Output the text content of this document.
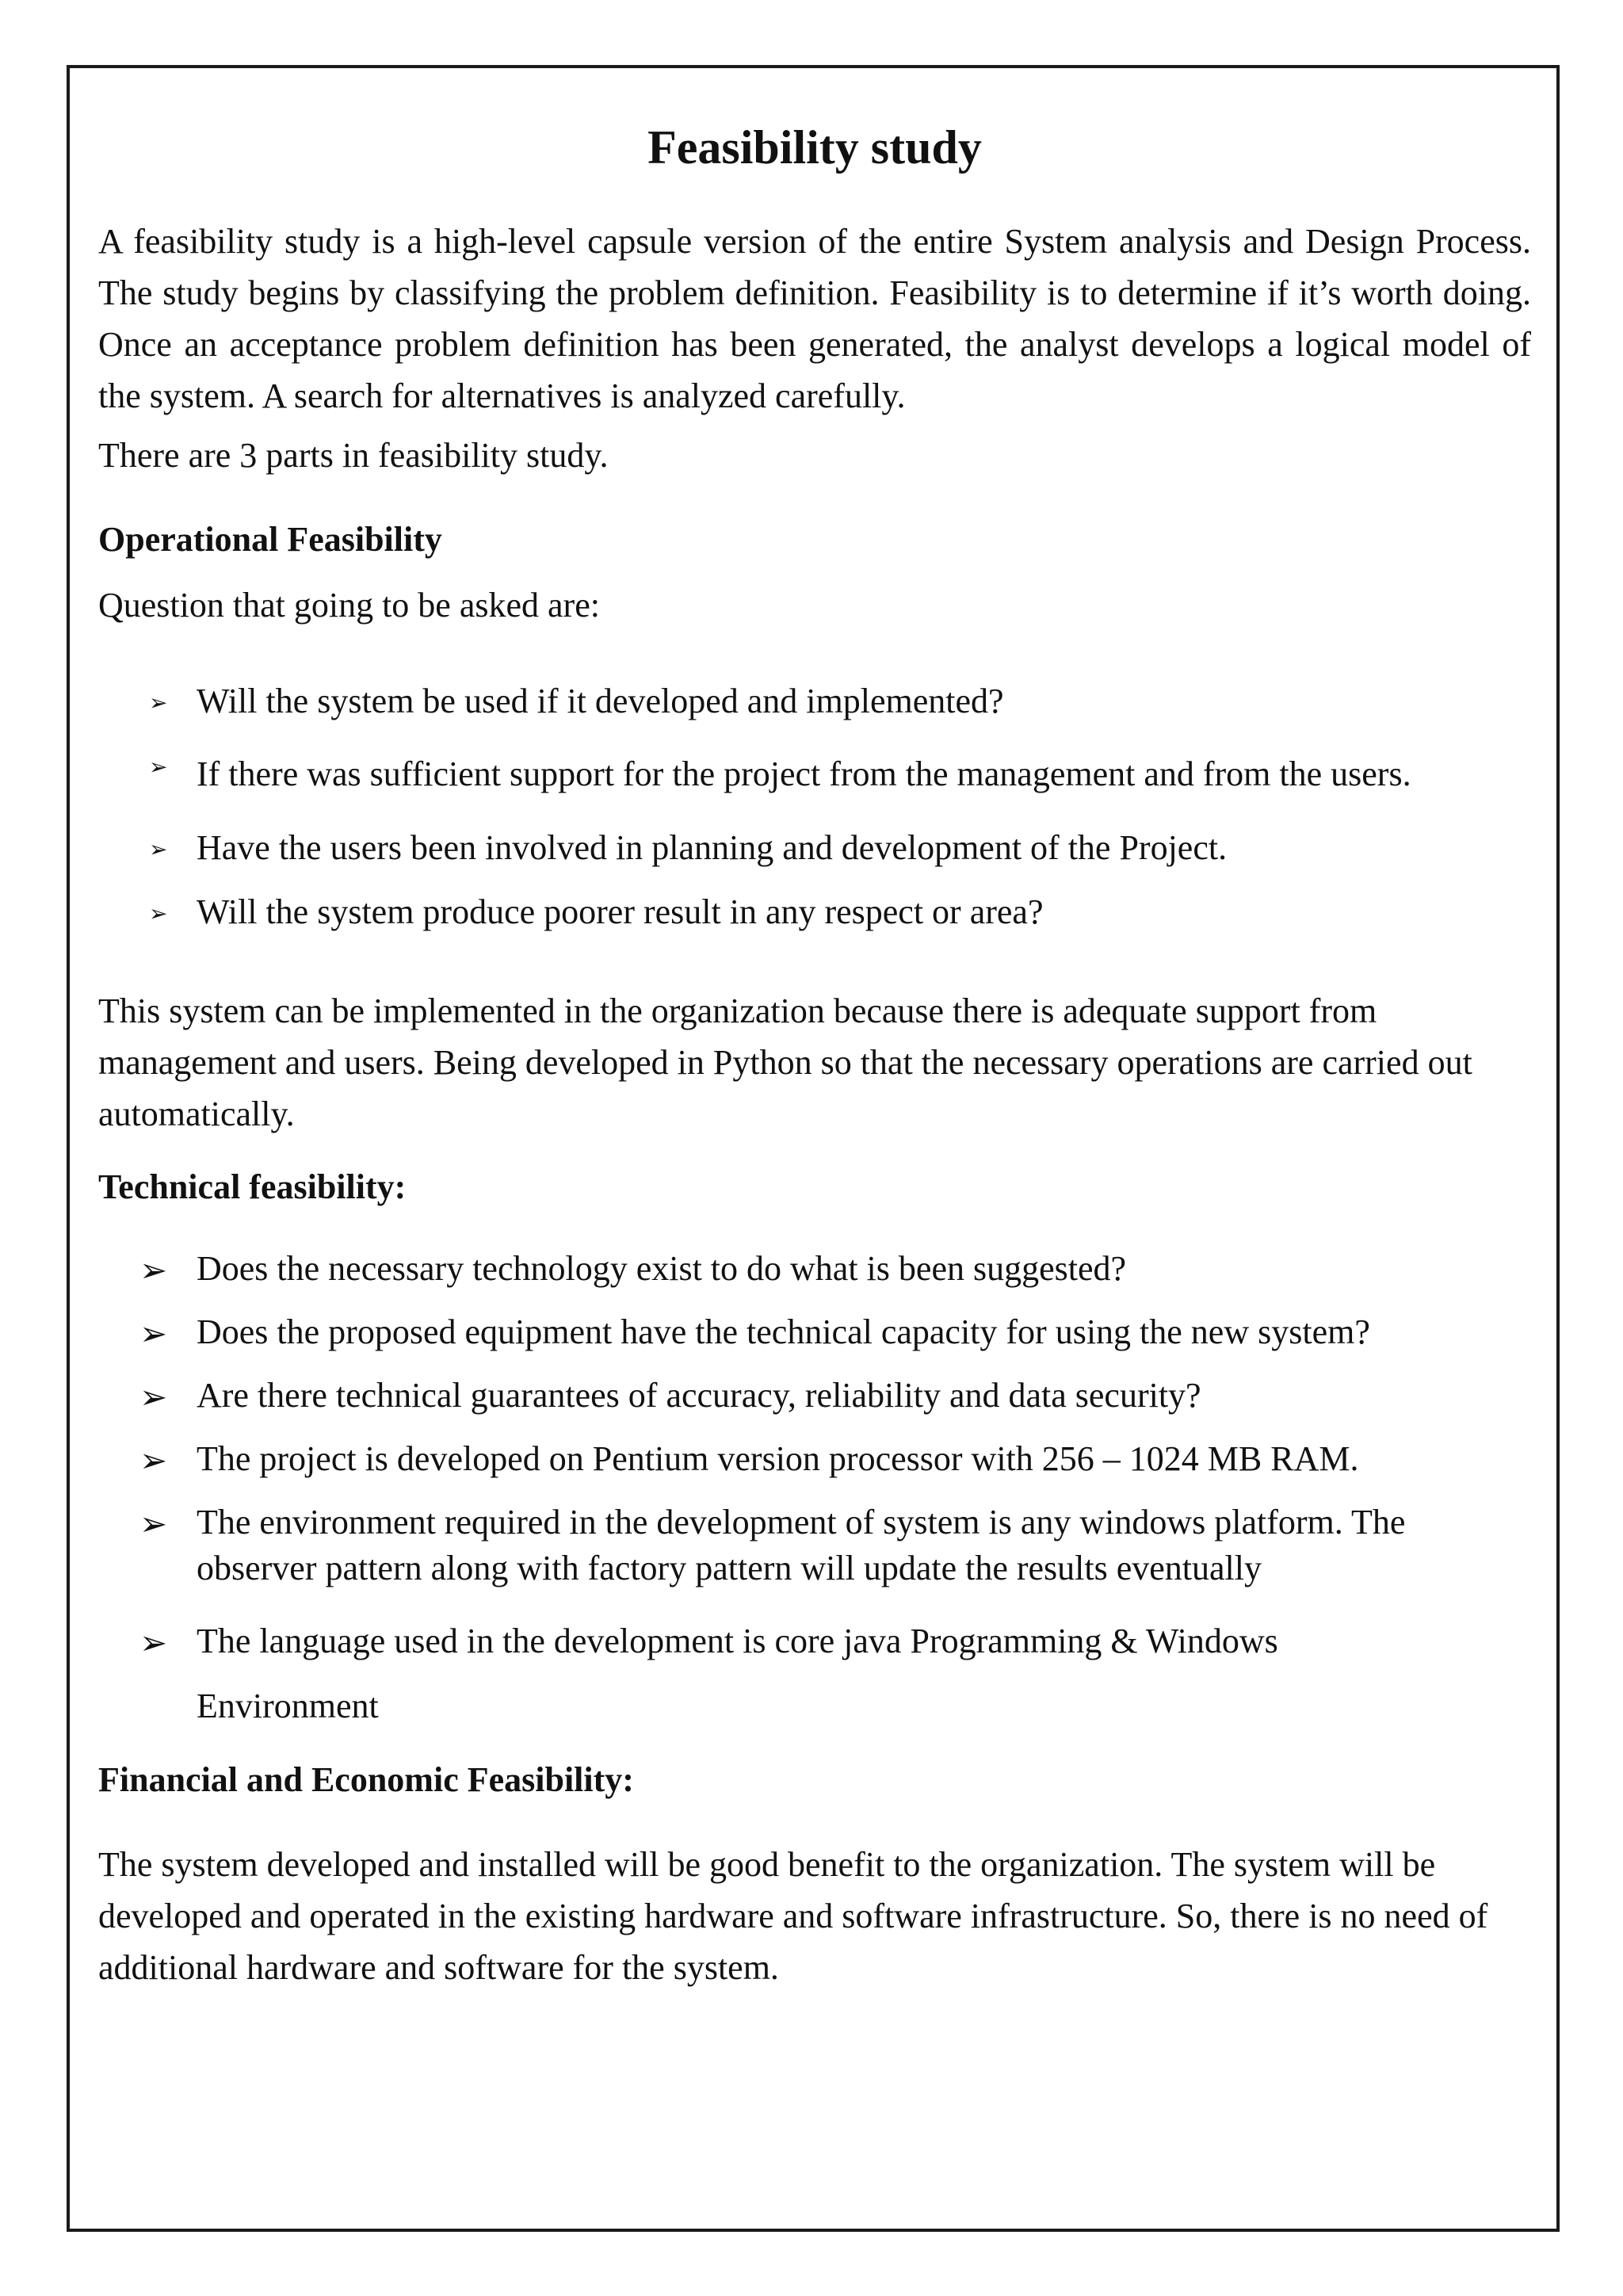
Feasibility study

A feasibility study is a high-level capsule version of the entire System analysis and Design Process. The study begins by classifying the problem definition. Feasibility is to determine if it’s worth doing. Once an acceptance problem definition has been generated, the analyst develops a logical model of the system. A search for alternatives is analyzed carefully.

There are 3 parts in feasibility study.

Operational Feasibility

Question that going to be asked are:

➢ Will the system be used if it developed and implemented?
➢ If there was sufficient support for the project from the management and from the users.
➢ Have the users been involved in planning and development of the Project.
➢ Will the system produce poorer result in any respect or area?

This system can be implemented in the organization because there is adequate support from management and users. Being developed in Python so that the necessary operations are carried out automatically.

Technical feasibility:
➢ Does the necessary technology exist to do what is been suggested?
➢ Does the proposed equipment have the technical capacity for using the new system?
➢ Are there technical guarantees of accuracy, reliability and data security?
➢ The project is developed on Pentium version processor with 256 – 1024 MB RAM.
➢ The environment required in the development of system is any windows platform. The observer pattern along with factory pattern will update the results eventually
➢ The language used in the development is core java Programming & Windows Environment
Financial and Economic Feasibility:

The system developed and installed will be good benefit to the organization. The system will be developed and operated in the existing hardware and software infrastructure. So, there is no need of additional hardware and software for the system.
